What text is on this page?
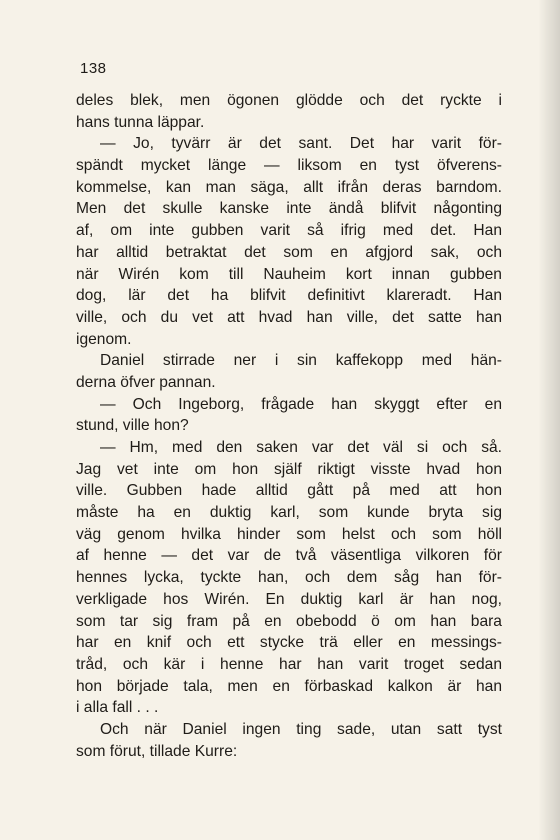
138
deles blek, men ögonen glödde och det ryckte i
hans tunna läppar.
— Jo, tyvärr är det sant. Det har varit för-
spändt mycket länge — liksom en tyst öfverens-
kommelse, kan man säga, allt ifrån deras barndom.
Men det skulle kanske inte ändå blifvit någonting
af, om inte gubben varit så ifrig med det. Han
har alltid betraktat det som en afgjord sak, och
när Wirén kom till Nauheim kort innan gubben
dog, lär det ha blifvit definitivt klareradt. Han
ville, och du vet att hvad han ville, det satte han
igenom.
Daniel stirrade ner i sin kaffekopp med hän-
derna öfver pannan.
— Och Ingeborg, frågade han skyggt efter en
stund, ville hon?
— Hm, med den saken var det väl si och så.
Jag vet inte om hon själf riktigt visste hvad hon
ville. Gubben hade alltid gått på med att hon
måste ha en duktig karl, som kunde bryta sig
väg genom hvilka hinder som helst och som höll
af henne — det var de två väsentliga vilkoren för
hennes lycka, tyckte han, och dem såg han för-
verkligade hos Wirén. En duktig karl är han nog,
som tar sig fram på en obebodd ö om han bara
har en knif och ett stycke trä eller en messings-
tråd, och kär i henne har han varit troget sedan
hon började tala, men en förbaskad kalkon är han
i alla fall . . .
Och när Daniel ingen ting sade, utan satt tyst
som förut, tillade Kurre:
